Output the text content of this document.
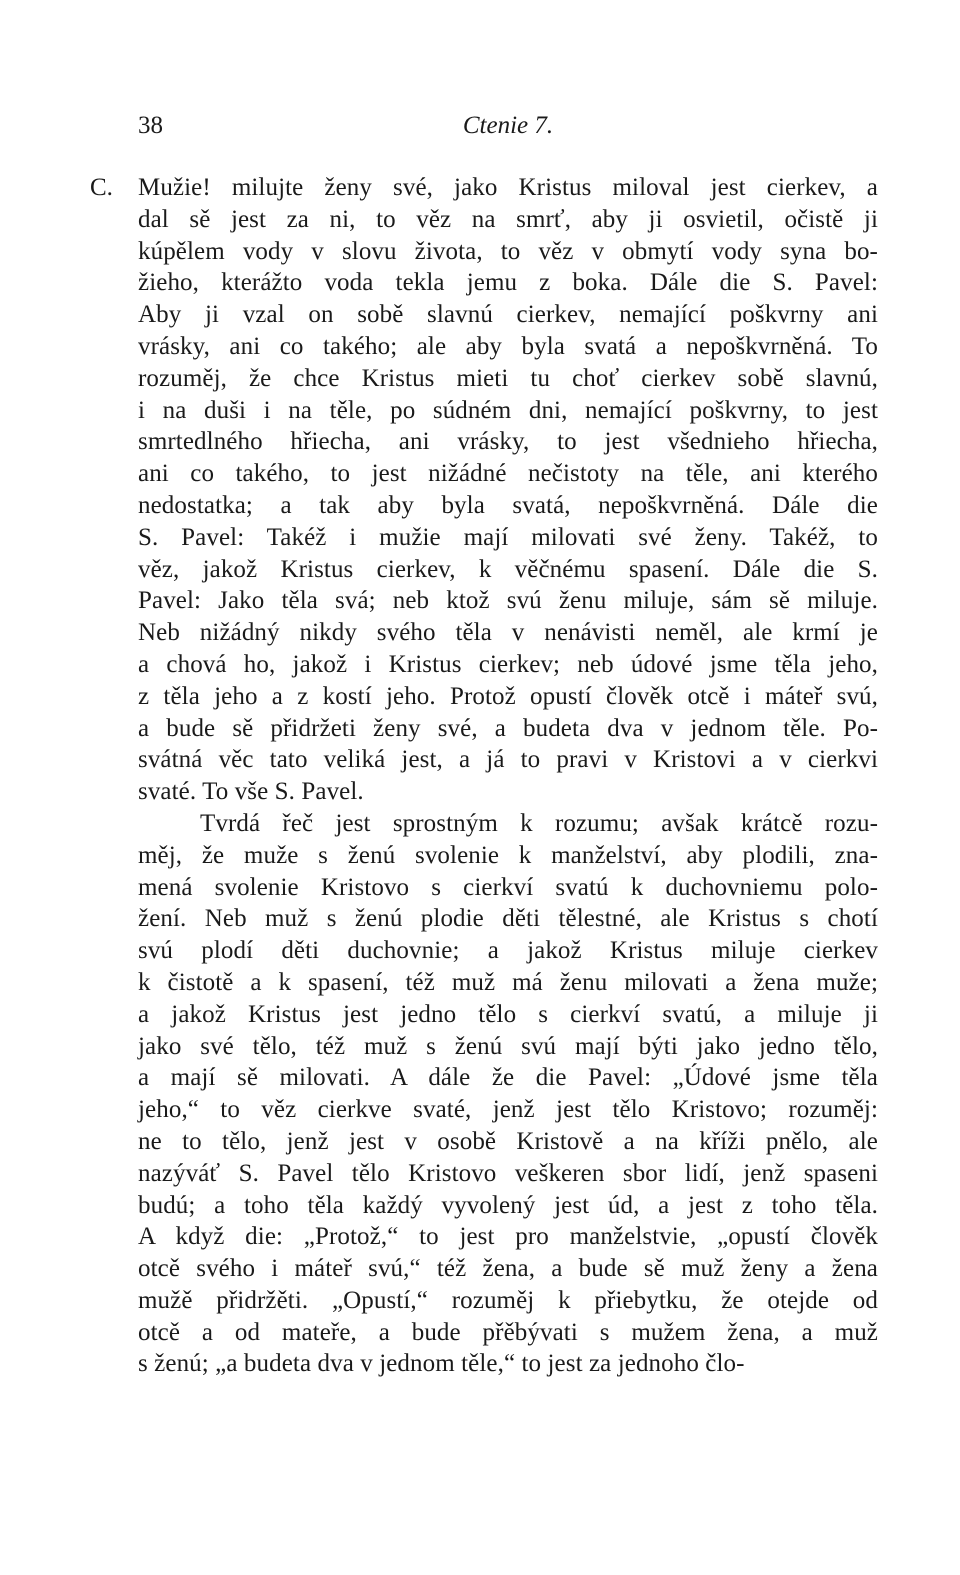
38	Ctenie 7.
C. Mužie! milujte ženy své, jako Kristus miloval jest cierkev, a
dal sě jest za ni, to věz na smrť, aby ji osvietil, očistě ji
kúpělem vody v slovu života, to věz v obmytí vody syna bo-
žieho, kterážto voda tekla jemu z boka. Dále die S. Pavel:
Aby ji vzal on sobě slavnú cierkev, nemající poškvrny ani
vrásky, ani co takého; ale aby byla svatá a nepoškvrněná. To
rozuměj, že chce Kristus mieti tu choť cierkev sobě slavnú,
i na duši i na těle, po súdném dni, nemající poškvrny, to jest
smrtedlného hřiecha, ani vrásky, to jest všednieho hřiecha,
ani co takého, to jest nižádné nečistoty na těle, ani kterého
nedostatka; a tak aby byla svatá, nepoškvrněná. Dále die
S. Pavel: Takéž i mužie mají milovati své ženy. Takéž, to
věz, jakož Kristus cierkev, k věčnému spasení. Dále die S.
Pavel: Jako těla svá; neb ktož svú ženu miluje, sám sě miluje.
Neb nižádný nikdy svého těla v nenávisti neměl, ale krmí je
a chová ho, jakož i Kristus cierkev; neb údové jsme těla jeho,
z těla jeho a z kostí jeho. Protož opustí člověk otcě i máteř svú,
a bude sě přidržeti ženy své, a budeta dva v jednom těle. Po-
svátná věc tato veliká jest, a já to pravi v Kristovi a v cierkvi
svaté. To vše S. Pavel.
Tvrdá řeč jest sprostným k rozumu; avšak krátcě rozu-
měj, že muže s ženú svolenie k manželství, aby plodili, zna-
mená svolenie Kristovo s cierkví svatú k duchovniemu polo-
žení. Neb muž s ženú plodie děti tělestné, ale Kristus s chotí
svú plodí děti duchovnie; a jakož Kristus miluje cierkev
k čistotě a k spasení, též muž má ženu milovati a žena muže;
a jakož Kristus jest jedno tělo s cierkví svatú, a miluje ji
jako své tělo, též muž s ženú svú mají býti jako jedno tělo,
a mají sě milovati. A dále že die Pavel: „Údové jsme těla
jeho,“ to věz cierkve svaté, jenž jest tělo Kristovo; rozuměj:
ne to tělo, jenž jest v osobě Kristově a na kříži pnělo, ale
nazýváť S. Pavel tělo Kristovo veškeren sbor lidí, jenž spaseni
budú; a toho těla každý vyvolený jest úd, a jest z toho těla.
A když die: „Protož,“ to jest pro manželstvie, „opustí člověk
otcě svého i máteř svú,“ též žena, a bude sě muž ženy a žena
mužě přidržěti. „Opustí,“ rozuměj k přiebytku, že otejde od
otcě a od mateře, a bude přěbývati s mužem žena, a muž
s ženú; „a budeta dva v jednom těle,“ to jest za jednoho člo-
